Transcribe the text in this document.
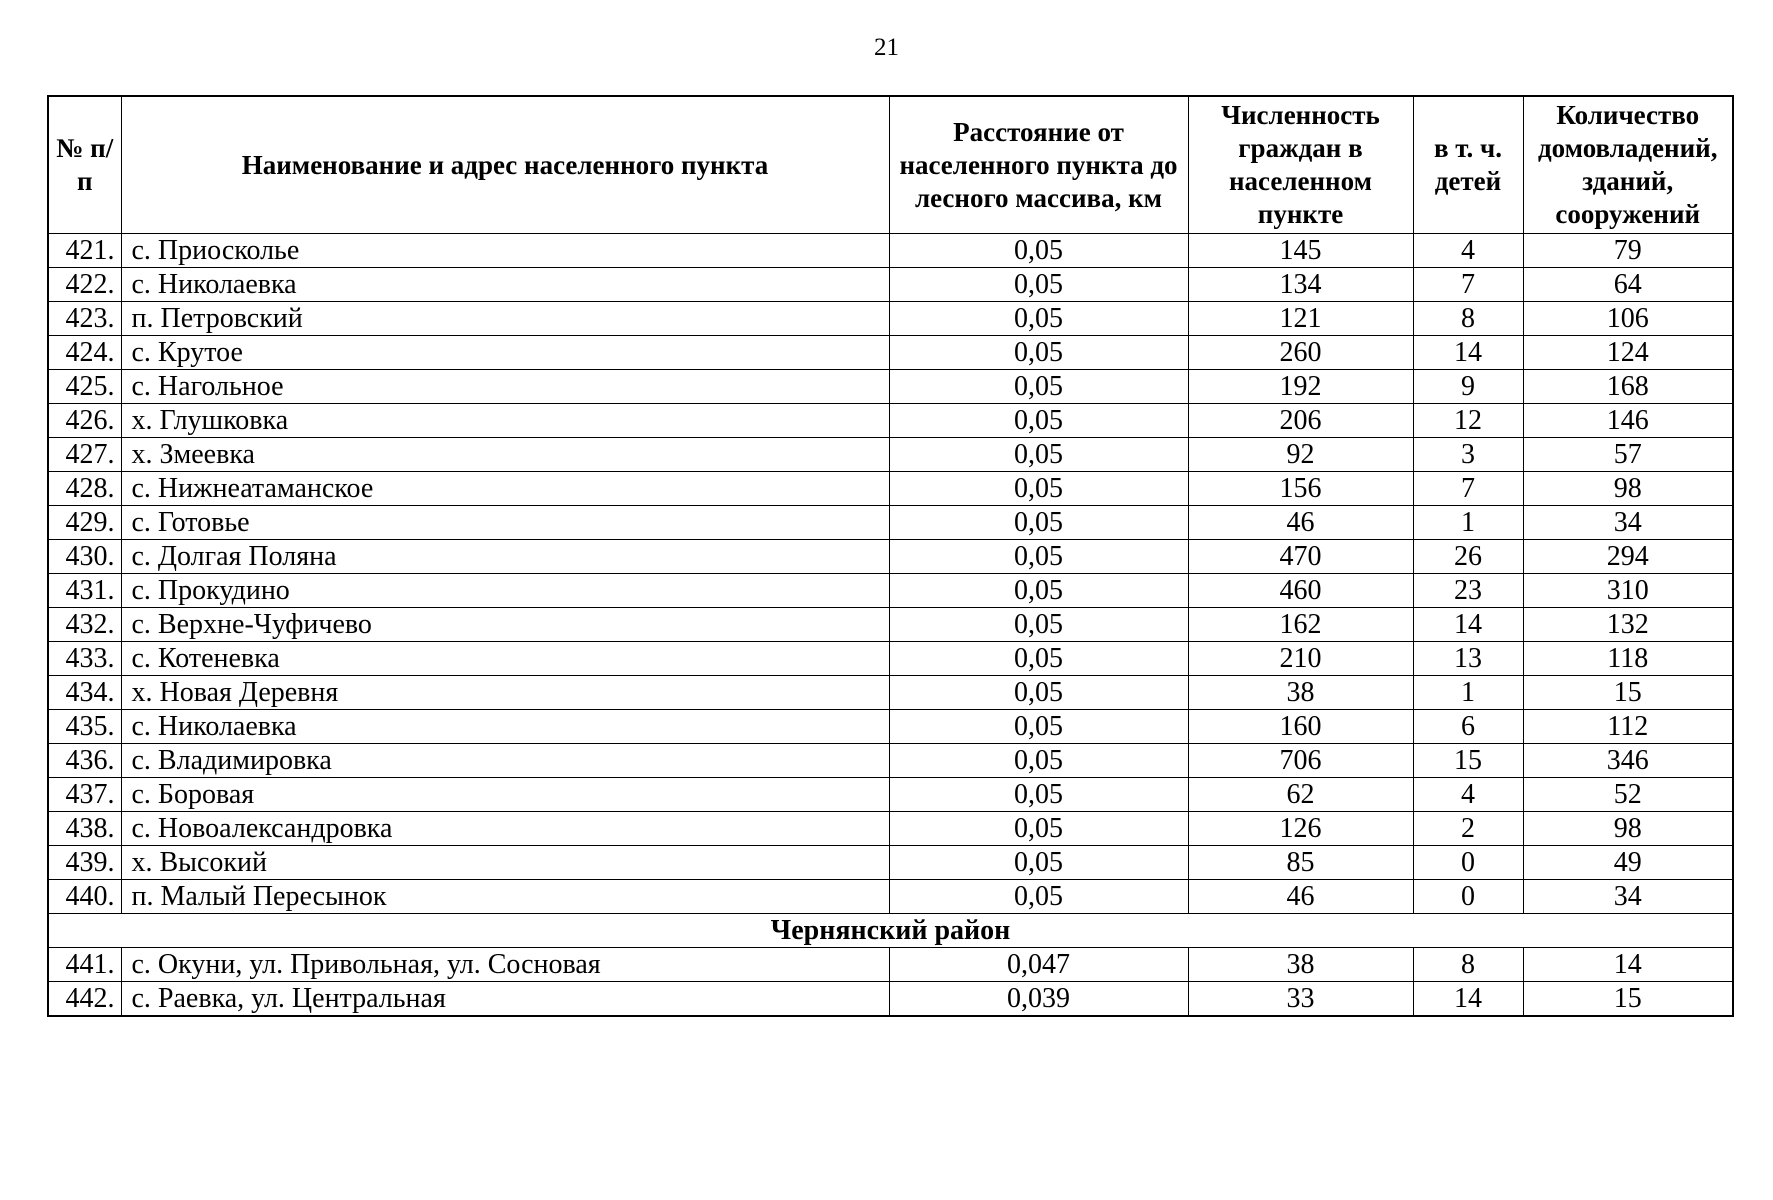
21
№ п/п	Наименование и адрес населенного пункта	Расстояние от населенного пункта до лесного массива, км	Численность граждан в населенном пункте	в т. ч. детей	Количество домовладений, зданий, сооружений
421.	с. Приосколье	0,05	145	4	79
422.	с. Николаевка	0,05	134	7	64
423.	п. Петровский	0,05	121	8	106
424.	с. Крутое	0,05	260	14	124
425.	с. Нагольное	0,05	192	9	168
426.	х. Глушковка	0,05	206	12	146
427.	х. Змеевка	0,05	92	3	57
428.	с. Нижнеатаманское	0,05	156	7	98
429.	с. Готовье	0,05	46	1	34
430.	с. Долгая Поляна	0,05	470	26	294
431.	с. Прокудино	0,05	460	23	310
432.	с. Верхне-Чуфичево	0,05	162	14	132
433.	с. Котеневка	0,05	210	13	118
434.	х. Новая Деревня	0,05	38	1	15
435.	с. Николаевка	0,05	160	6	112
436.	с. Владимировка	0,05	706	15	346
437.	с. Боровая	0,05	62	4	52
438.	с. Новоалександровка	0,05	126	2	98
439.	х. Высокий	0,05	85	0	49
440.	п. Малый Пересынок	0,05	46	0	34
Чернянский район					
441.	с. Окуни, ул. Привольная, ул. Сосновая	0,047	38	8	14
442.	с. Раевка, ул. Центральная	0,039	33	14	15
